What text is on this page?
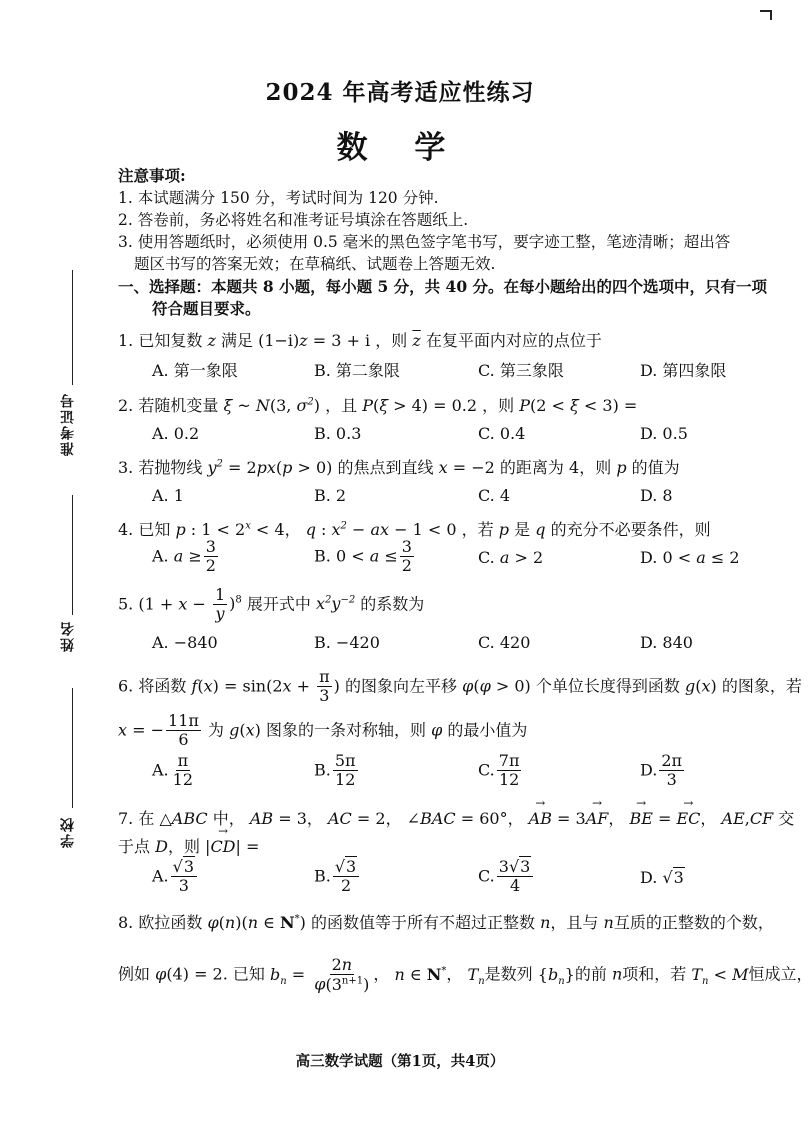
准考证号
姓名
学校
2024 年高考适应性练习
数 学
注意事项:
1. 本试题满分 150 分，考试时间为 120 分钟.
2. 答卷前，务必将姓名和准考证号填涂在答题纸上.
3. 使用答题纸时，必须使用 0.5 毫米的黑色签字笔书写，要字迹工整，笔迹清晰；超出答
题区书写的答案无效；在草稿纸、试题卷上答题无效.
一、选择题：本题共 8 小题，每小题 5 分，共 40 分。在每小题给出的四个选项中，只有一项
符合题目要求。
1. 已知复数 z 满足 (1−i)z = 3 + i ，则 $\overline{z}$ 在复平面内对应的点位于
A. 第一象限	B. 第二象限	C. 第三象限	D. 第四象限
2. 若随机变量 ξ ~ N(3, $\sigma^2$) ，且 P(ξ > 4) = 0.2 ，则 P(2 < ξ < 3) =
A. 0.2	B. 0.3	C. 0.4	D. 0.5
3. 若抛物线 $y^2 = 2px(p > 0)$ 的焦点到直线 x = −2 的距离为 4，则 p 的值为
A. 1	B. 2	C. 4	D. 8
4. 已知 p : $1 < 2^x < 4$， q : $x^2$ − ax − 1 < 0 ，若 p 是 q 的充分不必要条件，则
A. $a \ge \frac{3}{2}$	B. $0 < a \le \frac{3}{2}$	C. a > 2	D. 0 < a ≤ 2
5. $(1 + x - \frac{1}{y} )^8$ 展开式中 $x^2y^{-2}$ 的系数为
A. −840	B. −420	C. 420	D. 840
6. 将函数 $f(x) = \sin(2x + \frac{\pi}{3}$ ) 的图象向左平移 φ(φ > 0) 个单位长度得到函数 g(x) 的图象，若
x = − $\frac{11\pi}{6}$ 为 g(x) 图象的一条对称轴，则 φ 的最小值为
A. $\frac{\pi}{12}$	B. $\frac{5\pi}{12}$	C. $\frac{7\pi}{12}$	D. $\frac{2\pi}{3}$
7. 在 △ABC 中， AB = 3， AC = 2， ∠BAC = 60°， → AB = 3→ AF， → BE = → EC， AE,CF 交
于点 D，则 |→ CD| =
A. $\frac{√3}{3}$	B. $\frac{√3}{2}$	C. $\frac{3√3}{4}$	D. √3
8. 欧拉函数 φ(n)(n ∈ N*) 的函数值等于所有不超过正整数 n，且与 n互质的正整数的个数，
例如 φ(4) = 2. 已知 $b_n = \frac{2n}{\varphi(3^{n+1})}$ ， n ∈ N*， $T_n$是数列 $\{b_n\}$的前 n项和，若 $T_n < M$恒成立，
高三数学试题（第1页，共4页）
